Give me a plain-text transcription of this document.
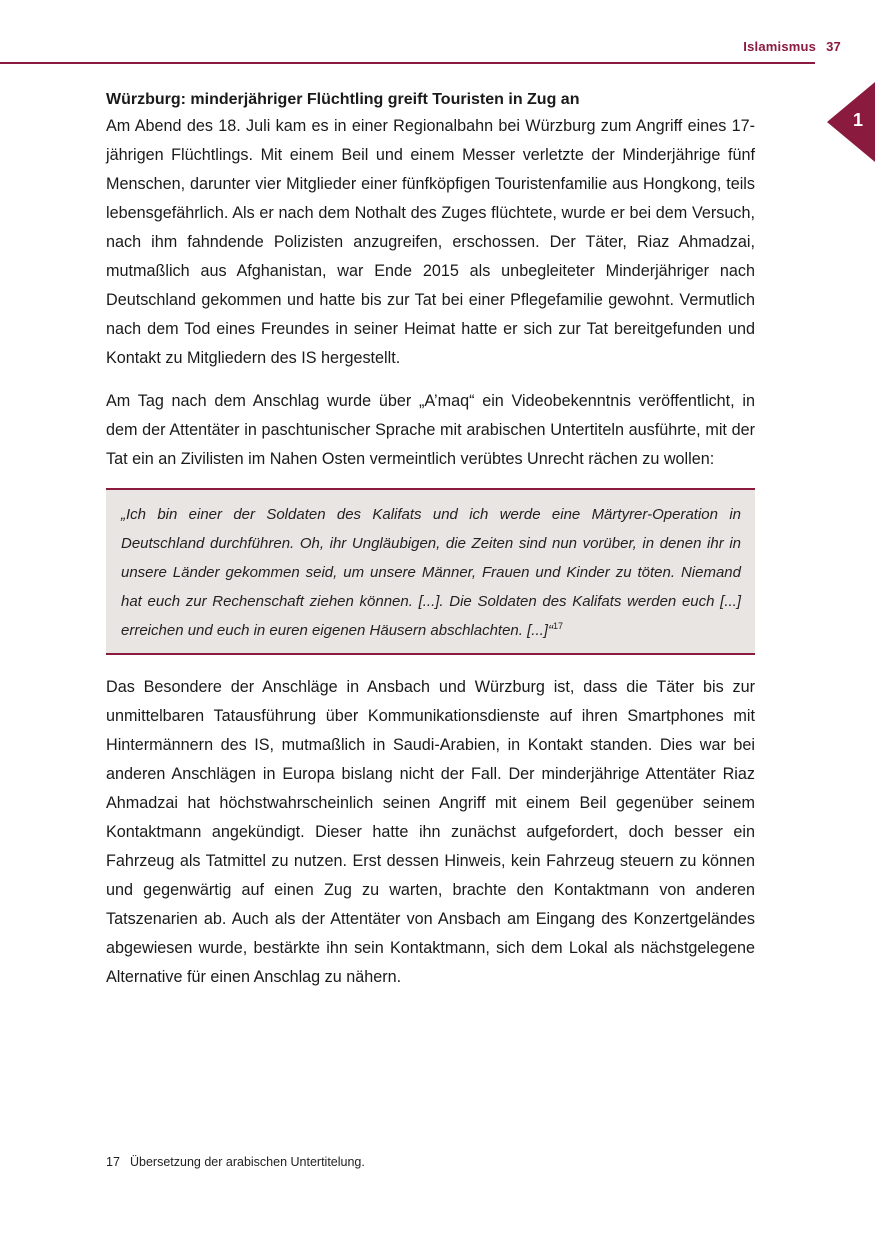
Islamismus 37
1
Würzburg: minderjähriger Flüchtling greift Touristen in Zug an

Am Abend des 18. Juli kam es in einer Regionalbahn bei Würzburg zum Angriff eines 17-jährigen Flüchtlings. Mit einem Beil und einem Messer verletzte der Minderjährige fünf Menschen, darunter vier Mitglieder einer fünfköpfigen Touristenfamilie aus Hongkong, teils lebensgefährlich. Als er nach dem Nothalt des Zuges flüchtete, wurde er bei dem Versuch, nach ihm fahndende Polizisten anzugreifen, erschossen. Der Täter, Riaz Ahmadzai, mutmaßlich aus Afghanistan, war Ende 2015 als unbegleiteter Minderjähriger nach Deutschland gekommen und hatte bis zur Tat bei einer Pflegefamilie gewohnt. Vermutlich nach dem Tod eines Freundes in seiner Heimat hatte er sich zur Tat bereitgefunden und Kontakt zu Mitgliedern des IS hergestellt.

Am Tag nach dem Anschlag wurde über „A’maq“ ein Videobekenntnis veröffentlicht, in dem der Attentäter in paschtunischer Sprache mit arabischen Untertiteln ausführte, mit der Tat ein an Zivilisten im Nahen Osten vermeintlich verübtes Unrecht rächen zu wollen:

„Ich bin einer der Soldaten des Kalifats und ich werde eine Märtyrer-Operation in Deutschland durchführen. Oh, ihr Ungläubigen, die Zeiten sind nun vorüber, in denen ihr in unsere Länder gekommen seid, um unsere Männer, Frauen und Kinder zu töten. Niemand hat euch zur Rechenschaft ziehen können. [...]. Die Soldaten des Kalifats werden euch [...] erreichen und euch in euren eigenen Häusern abschlachten. [...]“$^{17}$

Das Besondere der Anschläge in Ansbach und Würzburg ist, dass die Täter bis zur unmittelbaren Tatausführung über Kommunikationsdienste auf ihren Smartphones mit Hintermännern des IS, mutmaßlich in Saudi-Arabien, in Kontakt standen. Dies war bei anderen Anschlägen in Europa bislang nicht der Fall. Der minderjährige Attentäter Riaz Ahmadzai hat höchstwahrscheinlich seinen Angriff mit einem Beil gegenüber seinem Kontaktmann angekündigt. Dieser hatte ihn zunächst aufgefordert, doch besser ein Fahrzeug als Tatmittel zu nutzen. Erst dessen Hinweis, kein Fahrzeug steuern zu können und gegenwärtig auf einen Zug zu warten, brachte den Kontaktmann von anderen Tatszenarien ab. Auch als der Attentäter von Ansbach am Eingang des Konzertgeländes abgewiesen wurde, bestärkte ihn sein Kontaktmann, sich dem Lokal als nächstgelegene Alternative für einen Anschlag zu nähern.

17 Übersetzung der arabischen Untertitelung.
